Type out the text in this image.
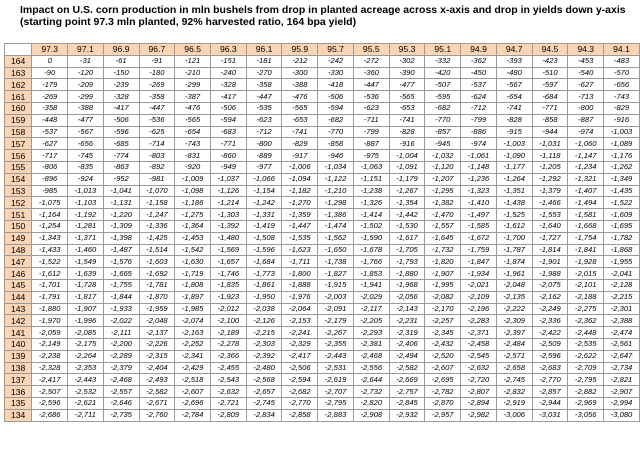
Impact on U.S. corn production in mln bushels from drop in planted acreage across x-axis and drop in yields down y-axis (starting point 97.3 mln planted, 92% harvested ratio, 164 bpa yield)
	97.3	97.1	96.9	96.7	96.5	96.3	96.1	95.9	95.7	95.5	95.3	95.1	94.9	94.7	94.5	94.3	94.1
164	0	-31	-61	-91	-121	-151	-181	-212	-242	-272	-302	-332	-362	-393	-423	-453	-483
163	-90	-120	-150	-180	-210	-240	-270	-300	-330	-360	-390	-420	-450	-480	-510	-540	-570
162	-179	-209	-239	-269	-299	-328	-358	-388	-418	-447	-477	-507	-537	-567	-597	-627	-656
161	-269	-299	-328	-358	-387	-417	-447	-476	-506	-536	-565	-595	-624	-654	-684	-713	-743
160	-358	-388	-417	-447	-476	-506	-535	-565	-594	-623	-653	-682	-712	-741	-771	-800	-829
159	-448	-477	-506	-536	-565	-594	-623	-653	-682	-711	-741	-770	-799	-828	-858	-887	-916
158	-537	-567	-596	-625	-654	-683	-712	-741	-770	-799	-828	-857	-886	-915	-944	-974	-1,003
157	-627	-656	-685	-714	-743	-771	-800	-829	-858	-887	-916	-945	-974	-1,003	-1,031	-1,060	-1,089
156	-717	-745	-774	-803	-831	-860	-889	-917	-946	-975	-1,004	-1,032	-1,061	-1,090	-1,118	-1,147	-1,176
155	-806	-835	-863	-892	-920	-949	-977	-1,006	-1,034	-1,063	-1,091	-1,120	-1,148	-1,177	-1,205	-1,234	-1,262
154	-896	-924	-952	-981	-1,009	-1,037	-1,066	-1,094	-1,122	-1,151	-1,179	-1,207	-1,236	-1,264	-1,292	-1,321	-1,349
153	-985	-1,013	-1,041	-1,070	-1,098	-1,126	-1,154	-1,182	-1,210	-1,238	-1,267	-1,295	-1,323	-1,351	-1,379	-1,407	-1,435
152	-1,075	-1,103	-1,131	-1,158	-1,186	-1,214	-1,242	-1,270	-1,298	-1,326	-1,354	-1,382	-1,410	-1,438	-1,466	-1,494	-1,522
151	-1,164	-1,192	-1,220	-1,247	-1,275	-1,303	-1,331	-1,359	-1,386	-1,414	-1,442	-1,470	-1,497	-1,525	-1,553	-1,581	-1,609
150	-1,254	-1,281	-1,309	-1,336	-1,364	-1,392	-1,419	-1,447	-1,474	-1,502	-1,530	-1,557	-1,585	-1,612	-1,640	-1,668	-1,695
149	-1,343	-1,371	-1,398	-1,425	-1,453	-1,480	-1,508	-1,535	-1,562	-1,590	-1,617	-1,645	-1,672	-1,700	-1,727	-1,754	-1,782
148	-1,433	-1,460	-1,487	-1,514	-1,542	-1,569	-1,596	-1,623	-1,650	-1,678	-1,705	-1,732	-1,759	-1,787	-1,814	-1,841	-1,868
147	-1,522	-1,549	-1,576	-1,603	-1,630	-1,657	-1,684	-1,711	-1,738	-1,766	-1,793	-1,820	-1,847	-1,874	-1,901	-1,928	-1,955
146	-1,612	-1,639	-1,665	-1,692	-1,719	-1,746	-1,773	-1,800	-1,827	-1,853	-1,880	-1,907	-1,934	-1,961	-1,988	-2,015	-2,041
145	-1,701	-1,728	-1,755	-1,781	-1,808	-1,835	-1,861	-1,888	-1,915	-1,941	-1,968	-1,995	-2,021	-2,048	-2,075	-2,101	-2,128
144	-1,791	-1,817	-1,844	-1,870	-1,897	-1,923	-1,950	-1,976	-2,003	-2,029	-2,056	-2,082	-2,109	-2,135	-2,162	-2,188	-2,215
143	-1,880	-1,907	-1,933	-1,959	-1,985	-2,012	-2,038	-2,064	-2,091	-2,117	-2,143	-2,170	-2,196	-2,222	-2,249	-2,275	-2,301
142	-1,970	-1,996	-2,022	-2,048	-2,074	-2,100	-2,126	-2,153	-2,179	-2,205	-2,231	-2,257	-2,283	-2,309	-2,336	-2,362	-2,388
141	-2,059	-2,085	-2,111	-2,137	-2,163	-2,189	-2,215	-2,241	-2,267	-2,293	-2,319	-2,345	-2,371	-2,397	-2,422	-2,448	-2,474
140	-2,149	-2,175	-2,200	-2,226	-2,252	-2,278	-2,303	-2,329	-2,355	-2,381	-2,406	-2,432	-2,458	-2,484	-2,509	-2,535	-2,561
139	-2,238	-2,264	-2,289	-2,315	-2,341	-2,366	-2,392	-2,417	-2,443	-2,468	-2,494	-2,520	-2,545	-2,571	-2,596	-2,622	-2,647
138	-2,328	-2,353	-2,379	-2,404	-2,429	-2,455	-2,480	-2,506	-2,531	-2,556	-2,582	-2,607	-2,632	-2,658	-2,683	-2,709	-2,734
137	-2,417	-2,443	-2,468	-2,493	-2,518	-2,543	-2,568	-2,594	-2,619	-2,644	-2,669	-2,695	-2,720	-2,745	-2,770	-2,795	-2,821
136	-2,507	-2,532	-2,557	-2,582	-2,607	-2,632	-2,657	-2,682	-2,707	-2,732	-2,757	-2,782	-2,807	-2,832	-2,857	-2,882	-2,907
135	-2,596	-2,621	-2,646	-2,671	-2,696	-2,721	-2,745	-2,770	-2,795	-2,820	-2,845	-2,870	-2,894	-2,919	-2,944	-2,969	-2,994
134	-2,686	-2,711	-2,735	-2,760	-2,784	-2,809	-2,834	-2,858	-2,883	-2,908	-2,932	-2,957	-2,982	-3,006	-3,031	-3,056	-3,080
